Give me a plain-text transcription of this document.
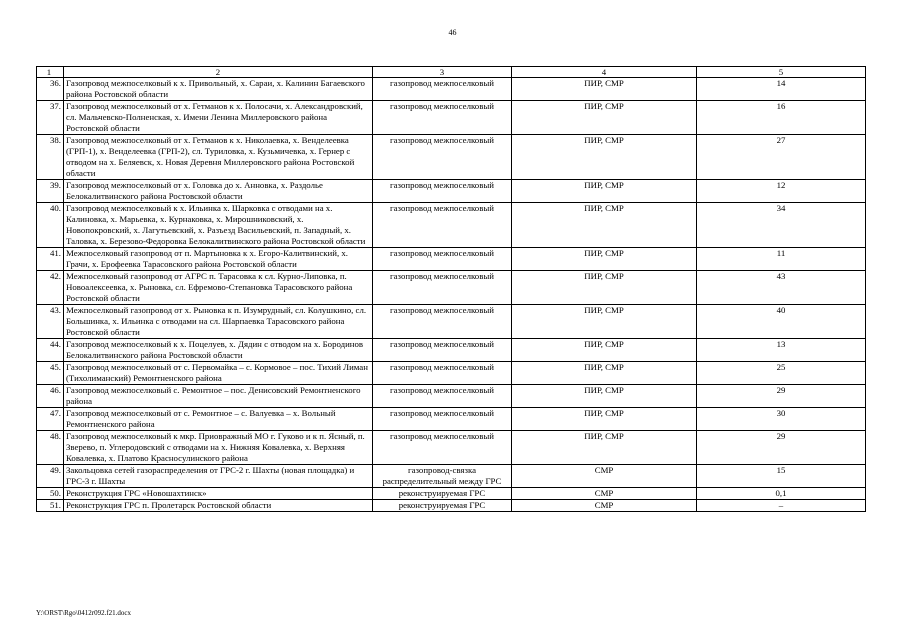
46
1	2	3	4	5
36.	Газопровод межпоселковый к х. Привольный, х. Сараи, х. Калинин Багаевского района Ростовской области	газопровод межпоселковый	ПИР, СМР	14
37.	Газопровод межпоселковый от х. Гетманов к х. Полосачи, х. Александровский, сл. Мальчевско-Полненская, х. Имени Ленина Миллеровского района Ростовской области	газопровод межпоселковый	ПИР, СМР	16
38.	Газопровод межпоселковый от х. Гетманов к х. Николаевка, х. Венделеевка (ГРП-1), х. Венделеевка (ГРП-2), сл. Туриловка, х. Кузьмичевка, х. Гернер с отводом на х. Беляевск, х. Новая Деревня Миллеровского района Ростовской области	газопровод межпоселковый	ПИР, СМР	27
39.	Газопровод межпоселковый от х. Головка до х. Анновка, х. Раздолье Белокалитвинского района Ростовской области	газопровод межпоселковый	ПИР, СМР	12
40.	Газопровод межпоселковый к х. Ильинка х. Шарковка с отводами на х. Калиновка, х. Марьевка, х. Курнаковка, х. Мирошниковский, х. Новопокровский, х. Лагутьевский, х. Разъезд Васильевский, п. Западный, х. Таловка, х. Березово-Федоровка Белокалитвинского района Ростовской области	газопровод межпоселковый	ПИР, СМР	34
41.	Межпоселковый газопровод от п. Мартыновка к х. Егоро-Калитвинский, х. Грачи, х. Ерофеевка Тарасовского района Ростовской области	газопровод межпоселковый	ПИР, СМР	11
42.	Межпоселковый газопровод от АГРС п. Тарасовка к сл. Курно-Липовка, п. Новоалексеевка, х. Рыновка, сл. Ефремово-Степановка Тарасовского района Ростовской области	газопровод межпоселковый	ПИР, СМР	43
43.	Межпоселковый газопровод от х. Рыновка к п. Изумрудный, сл. Колушкино, сл. Большинка, х. Ильинка с отводами на сл. Шарпаевка Тарасовского района Ростовской области	газопровод межпоселковый	ПИР, СМР	40
44.	Газопровод межпоселковый к х. Поцелуев, х. Дядин с отводом на х. Бородинов Белокалитвинского района Ростовской области	газопровод межпоселковый	ПИР, СМР	13
45.	Газопровод межпоселковый от с. Первомайка – с. Кормовое – пос. Тихий Лиман (Тихолиманский) Ремонтненского района	газопровод межпоселковый	ПИР, СМР	25
46.	Газопровод межпоселковый с. Ремонтное – пос. Денисовский Ремонтненского района	газопровод межпоселковый	ПИР, СМР	29
47.	Газопровод межпоселковый от с. Ремонтное – с. Валуевка – х. Вольный Ремонтненского района	газопровод межпоселковый	ПИР, СМР	30
48.	Газопровод межпоселковый к мкр. Приовражный МО г. Гуково и к п. Ясный, п. Зверево, п. Углеродовский с отводами на х. Нижняя Ковалевка, х. Верхняя Ковалевка, х. Платово Красносулинского района	газопровод межпоселковый	ПИР, СМР	29
49.	Закольцовка сетей газораспределения от ГРС-2 г. Шахты (новая площадка) и ГРС-3 г. Шахты	газопровод-связка распределительный между ГРС	СМР	15
50.	Реконструкция ГРС «Новошахтинск»	реконструируемая ГРС	СМР	0,1
51.	Реконструкция ГРС п. Пролетарск Ростовской области	реконструируемая ГРС	СМР	–
Y:\ORST\Rgo\0412r092.f21.docx
